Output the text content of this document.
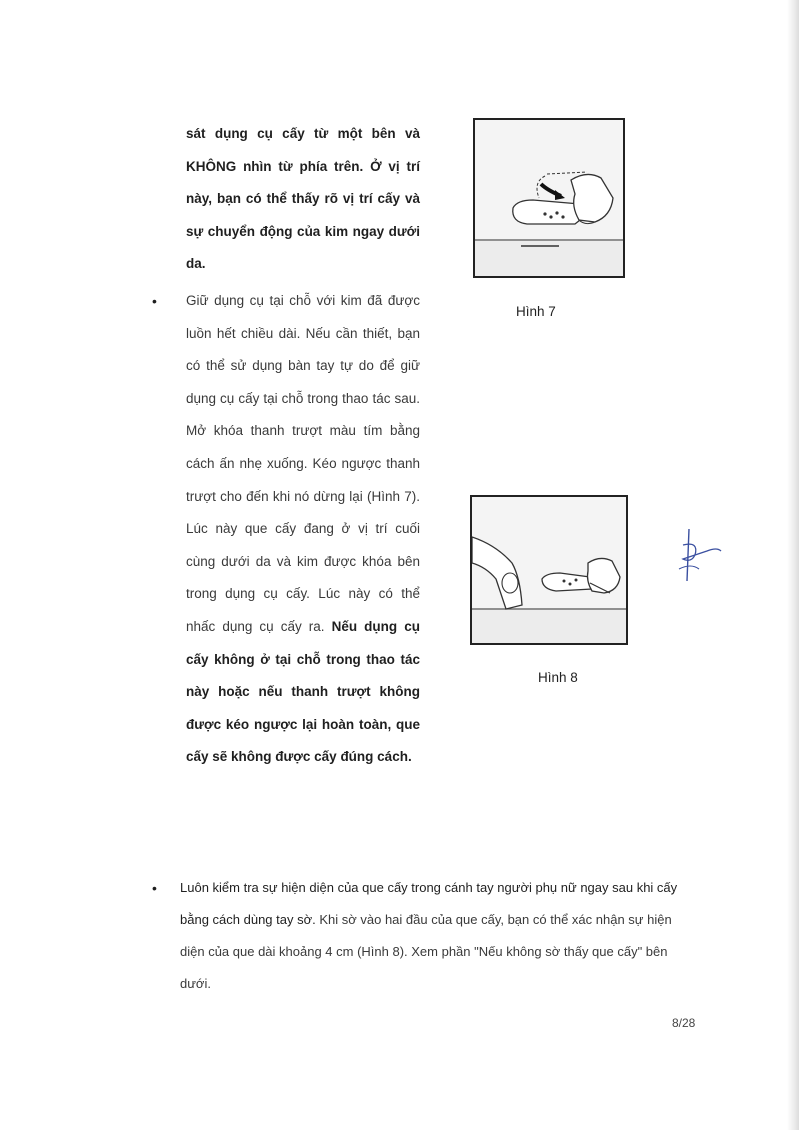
sát dụng cụ cấy từ một bên và KHÔNG nhìn từ phía trên. Ở vị trí này, bạn có thể thấy rõ vị trí cấy và sự chuyển động của kim ngay dưới da.

• Giữ dụng cụ tại chỗ với kim đã được luồn hết chiều dài. Nếu cần thiết, bạn có thể sử dụng bàn tay tự do để giữ dụng cụ cấy tại chỗ trong thao tác sau. Mở khóa thanh trượt màu tím bằng cách ấn nhẹ xuống. Kéo ngược thanh trượt cho đến khi nó dừng lại (Hình 7). Lúc này que cấy đang ở vị trí cuối cùng dưới da và kim được khóa bên trong dụng cụ cấy. Lúc này có thể nhấc dụng cụ cấy ra. Nếu dụng cụ cấy không ở tại chỗ trong thao tác này hoặc nếu thanh trượt không được kéo ngược lại hoàn toàn, que cấy sẽ không được cấy đúng cách.
Hình 7
Hình 8
• Luôn kiểm tra sự hiện diện của que cấy trong cánh tay người phụ nữ ngay sau khi cấy bằng cách dùng tay sờ. Khi sờ vào hai đầu của que cấy, bạn có thể xác nhận sự hiện diện của que dài khoảng 4 cm (Hình 8). Xem phần "Nếu không sờ thấy que cấy" bên dưới.
8/28
